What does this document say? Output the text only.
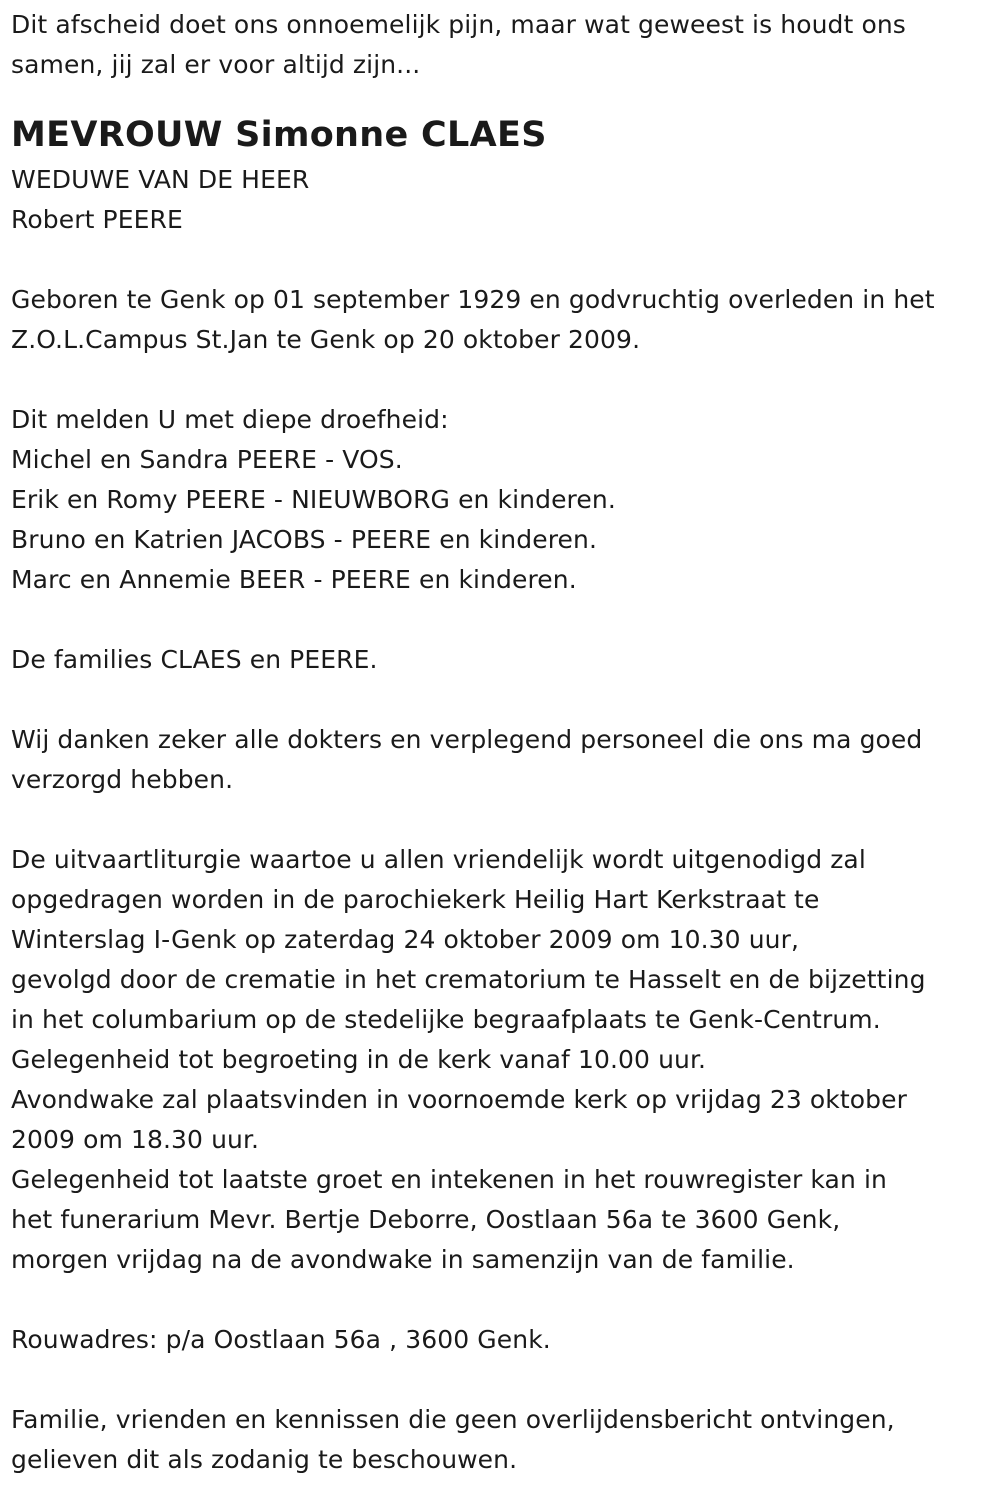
Dit afscheid doet ons onnoemelijk pijn, maar wat geweest is houdt ons
samen, jij zal er voor altijd zijn...
MEVROUW Simonne CLAES
WEDUWE VAN DE HEER
Robert PEERE
Geboren te Genk op 01 september 1929 en godvruchtig overleden in het
Z.O.L.Campus St.Jan te Genk op 20 oktober 2009.
Dit melden U met diepe droefheid:
Michel en Sandra PEERE - VOS.
Erik en Romy PEERE - NIEUWBORG en kinderen.
Bruno en Katrien JACOBS - PEERE en kinderen.
Marc en Annemie BEER - PEERE en kinderen.
De families CLAES en PEERE.
Wij danken zeker alle dokters en verplegend personeel die ons ma goed
verzorgd hebben.
De uitvaartliturgie waartoe u allen vriendelijk wordt uitgenodigd zal
opgedragen worden in de parochiekerk Heilig Hart Kerkstraat te
Winterslag I-Genk op zaterdag 24 oktober 2009 om 10.30 uur,
gevolgd door de crematie in het crematorium te Hasselt en de bijzetting
in het columbarium op de stedelijke begraafplaats te Genk-Centrum.
Gelegenheid tot begroeting in de kerk vanaf 10.00 uur.
Avondwake zal plaatsvinden in voornoemde kerk op vrijdag 23 oktober
2009 om 18.30 uur.
Gelegenheid tot laatste groet en intekenen in het rouwregister kan in
het funerarium Mevr. Bertje Deborre, Oostlaan 56a te 3600 Genk,
morgen vrijdag na de avondwake in samenzijn van de familie.
Rouwadres: p/a Oostlaan 56a , 3600 Genk.
Familie, vrienden en kennissen die geen overlijdensbericht ontvingen,
gelieven dit als zodanig te beschouwen.
